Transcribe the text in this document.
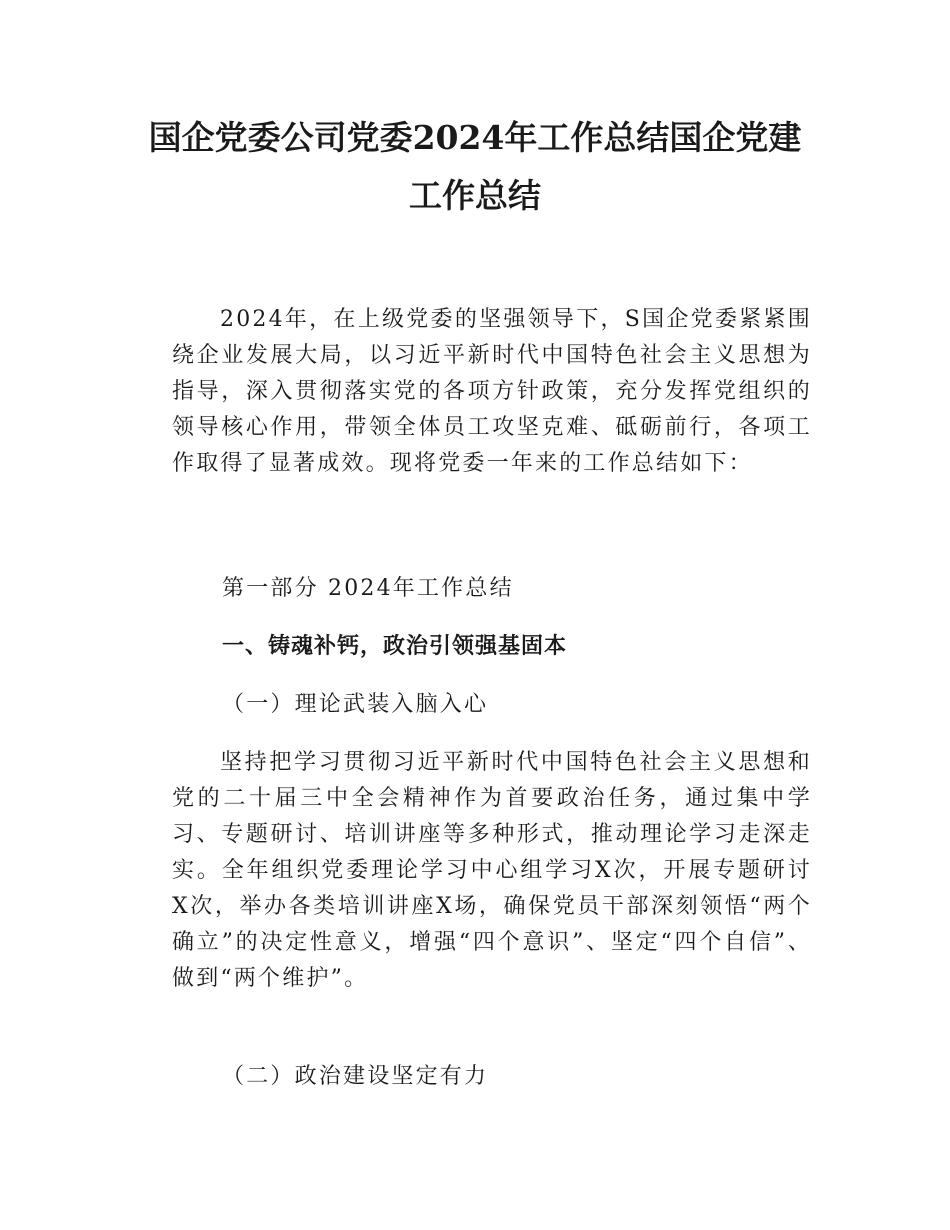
国企党委公司党委2024年工作总结国企党建
工作总结

2024年，在上级党委的坚强领导下，S国企党委紧紧围绕企业发展大局，以习近平新时代中国特色社会主义思想为指导，深入贯彻落实党的各项方针政策，充分发挥党组织的领导核心作用，带领全体员工攻坚克难、砥砺前行，各项工作取得了显著成效。现将党委一年来的工作总结如下：

第一部分 2024年工作总结

一、铸魂补钙，政治引领强基固本

（一）理论武装入脑入心

坚持把学习贯彻习近平新时代中国特色社会主义思想和党的二十届三中全会精神作为首要政治任务，通过集中学习、专题研讨、培训讲座等多种形式，推动理论学习走深走实。全年组织党委理论学习中心组学习X次，开展专题研讨X次，举办各类培训讲座X场，确保党员干部深刻领悟“两个确立”的决定性意义，增强“四个意识”、坚定“四个自信”、做到“两个维护”。

（二）政治建设坚定有力
